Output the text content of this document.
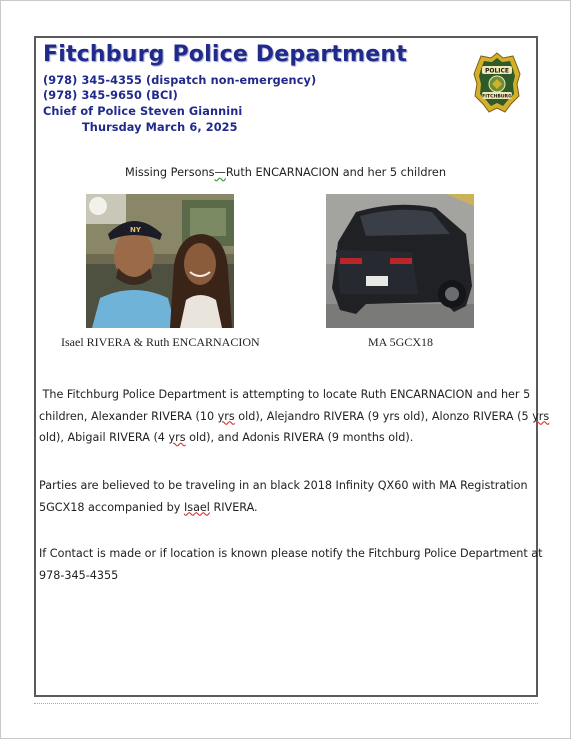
Fitchburg Police Department
(978) 345-4355 (dispatch non-emergency)
(978) 345-9650 (BCI)
Chief of Police Steven Giannini
Thursday March 6, 2025
POLICE
FITCHBURG
Missing Persons—Ruth ENCARNACION and her 5 children
NY
Isael RIVERA & Ruth ENCARNACION	MA 5GCX18
The Fitchburg Police Department is attempting to locate Ruth ENCARNACION and her 5
children, Alexander RIVERA (10 yrs old), Alejandro RIVERA (9 yrs old), Alonzo RIVERA (5 yrs
old), Abigail RIVERA (4 yrs old), and Adonis RIVERA (9 months old).
Parties are believed to be traveling in an black 2018 Infinity QX60 with MA Registration
5GCX18 accompanied by Isael RIVERA.
If Contact is made or if location is known please notify the Fitchburg Police Department at
978-345-4355
